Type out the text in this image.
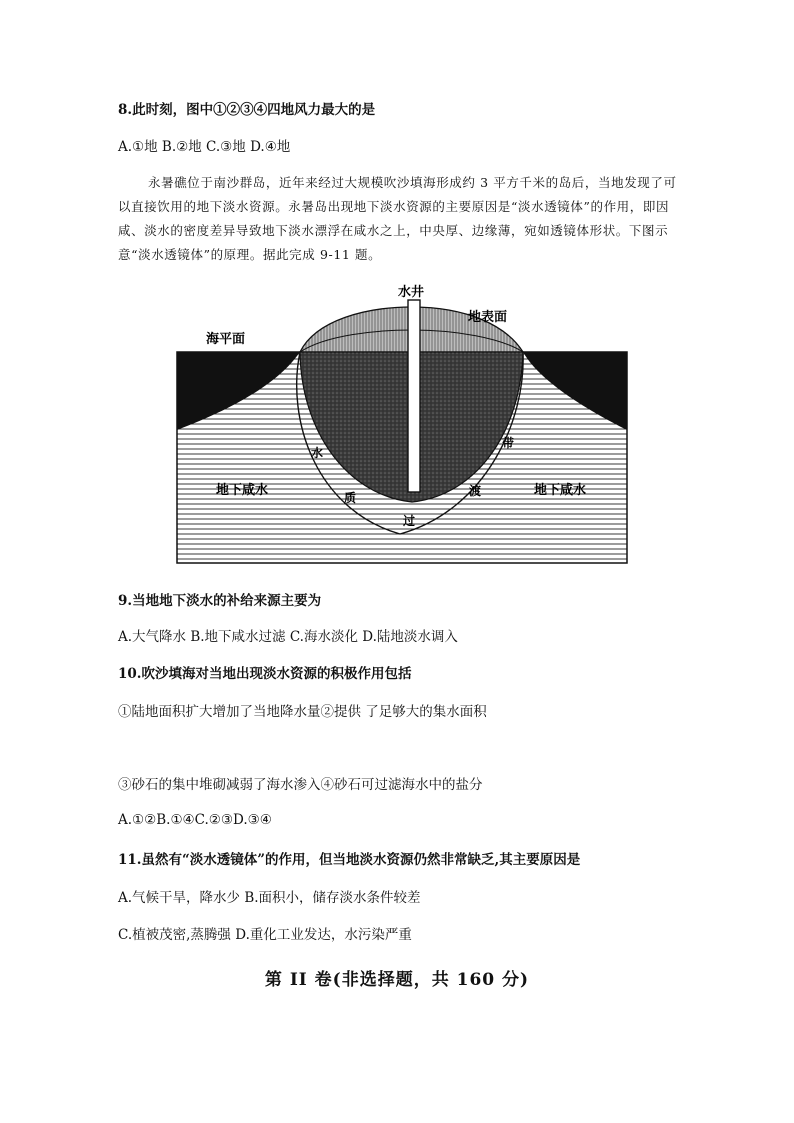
8.此时刻，图中①②③④四地风力最大的是
A.①地 B.②地 C.③地 D.④地
永暑礁位于南沙群岛，近年来经过大规模吹沙填海形成约 3 平方千米的岛后，当地发现了可以直接饮用的地下淡水资源。永暑岛出现地下淡水资源的主要原因是“淡水透镜体”的作用，即因咸、淡水的密度差异导致地下淡水漂浮在咸水之上，中央厚、边缘薄，宛如透镜体形状。下图示意“淡水透镜体”的原理。据此完成 9-11 题。
水井
地表面
海平面
地下咸水	地下咸水
水
质
过
渡
带
9.当地地下淡水的补给来源主要为
A.大气降水 B.地下咸水过滤 C.海水淡化 D.陆地淡水调入
10.吹沙填海对当地出现淡水资源的积极作用包括
①陆地面积扩大增加了当地降水量②提供 了足够大的集水面积
③砂石的集中堆砌减弱了海水渗入④砂石可过滤海水中的盐分
A.①②B.①④C.②③D.③④
11.虽然有“淡水透镜体”的作用，但当地淡水资源仍然非常缺乏,其主要原因是
A.气候干旱，降水少 B.面积小，储存淡水条件较差
C.植被茂密,蒸腾强 D.重化工业发达，水污染严重
第 II 卷(非选择题，共 160 分)
